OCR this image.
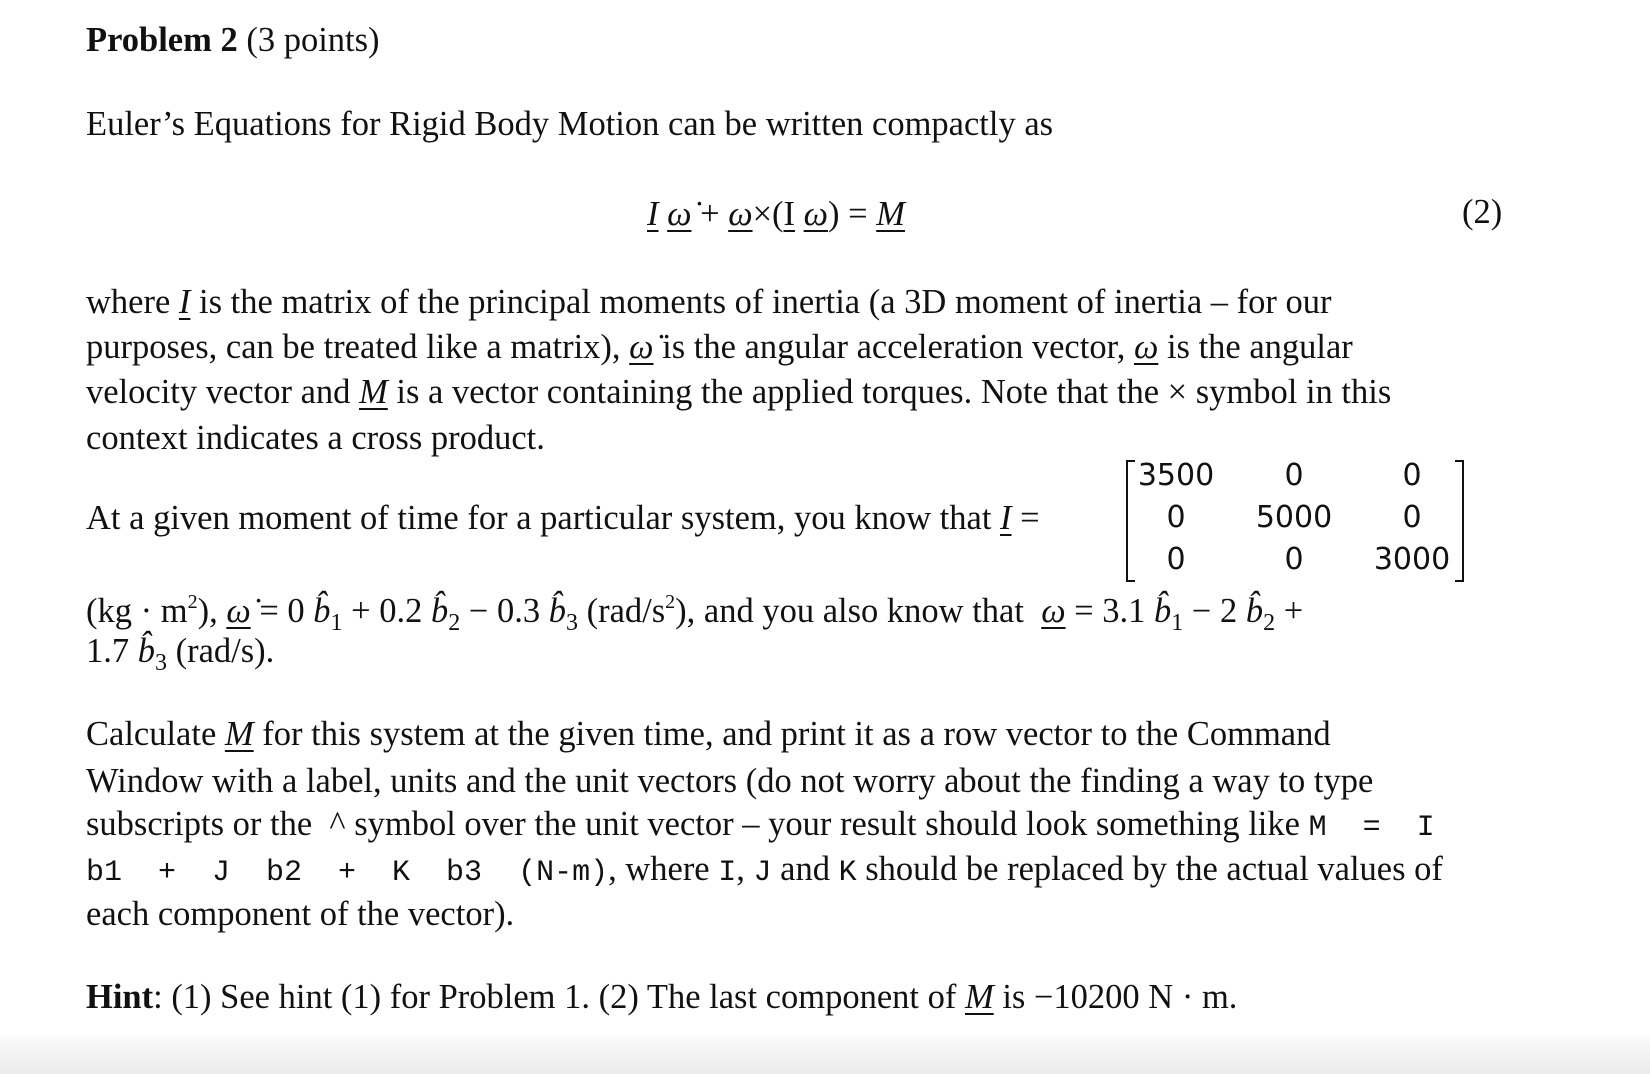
Problem 2 (3 points)
Euler’s Equations for Rigid Body Motion can be written compactly as
I ω̇ + ω×(I ω) = M
where I is the matrix of the principal moments of inertia (a 3D moment of inertia – for our
purposes, can be treated like a matrix), ω̇ is the angular acceleration vector, ω is the angular
velocity vector and M is a vector containing the applied torques. Note that the × symbol in this
context indicates a cross product.
At a given moment of time for a particular system, you know that I =
$(kg \cdot m^2)$, ω̇ = 0 $b̂_1 + 0.2$ $b̂_2 - 0.3$ $b̂_3$ $(rad/s^2)$, and you also know that  ω = 3.1 $b̂_1 - 2$ $b̂_2$ +
1.7 $b̂_3$ (rad/s).
Calculate M for this system at the given time, and print it as a row vector to the Command
Window with a label, units and the unit vectors (do not worry about the finding a way to type
subscripts or the  ^ symbol over the unit vector – your result should look something like M  =  I
b1  +  J  b2  +  K  b3  (N-m), where I, J and K should be replaced by the actual values of
each component of the vector).
Hint: (1) See hint (1) for Problem 1. (2) The last component of M is −10200 N · m.
(2)
3500	0	0
0	5000	0
0	0	3000
